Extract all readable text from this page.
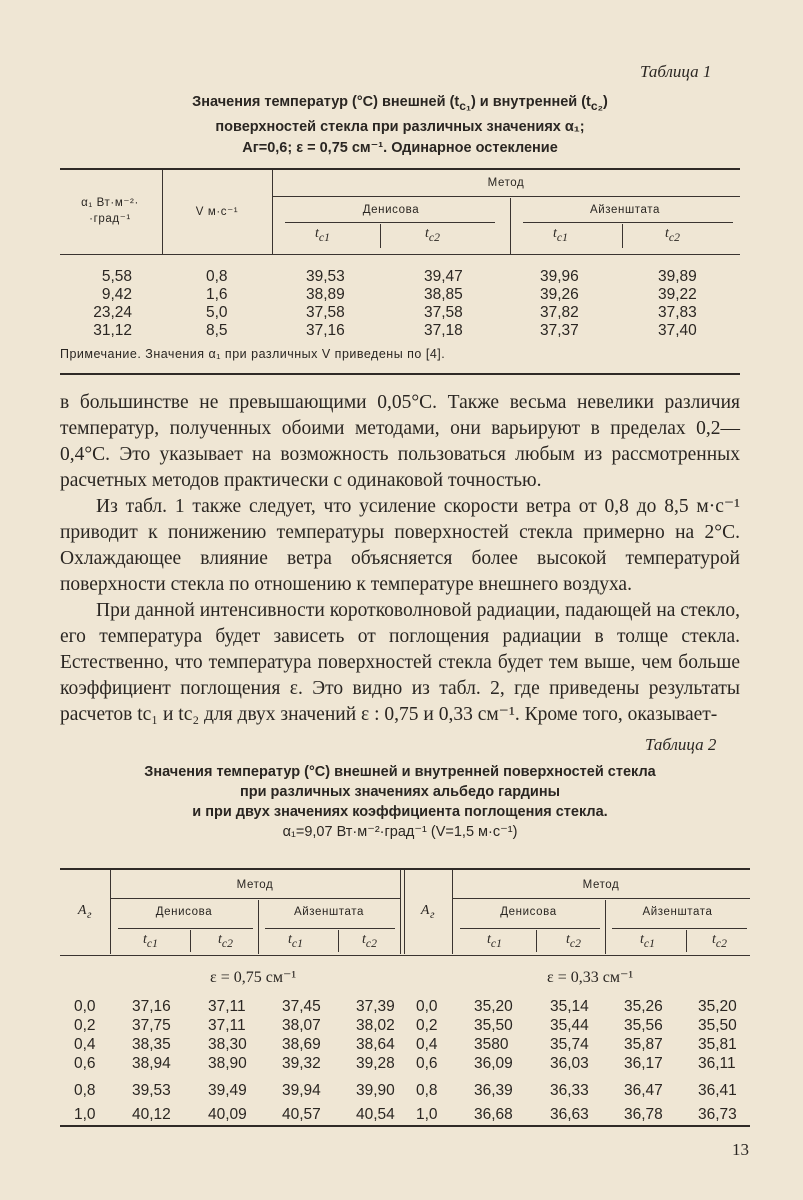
Таблица 1
Значения температур (°С) внешней $(t_{c_1})$ и внутренней $(t_{c_2})$
поверхностей стекла при различных значениях α₁;
Aг=0,6; ε = 0,75 см⁻¹. Одинарное остекление
α₁ Вт·м⁻²·
·град⁻¹
V м·с⁻¹
Метод
Денисова	Айзенштата
$t_{c1}$	$t_{c2}$	$t_{c1}$	$t_{c2}$
5,58	0,8	39,53	39,47	39,96	39,89
9,42	1,6	38,89	38,85	39,26	39,22
23,24	5,0	37,58	37,58	37,82	37,83
31,12	8,5	37,16	37,18	37,37	37,40
Примечание. Значения α₁ при различных V приведены по [4].

в большинстве не превышающими 0,05°С. Также весьма невелики различия температур, полученных обоими методами, они варьируют в пределах 0,2—0,4°С. Это указывает на возможность пользоваться любым из рассмотренных расчетных методов практически с одинаковой точностью.

Из табл. 1 также следует, что усиление скорости ветра от 0,8 до 8,5 м·с⁻¹ приводит к понижению температуры поверхностей стекла примерно на 2°С. Охлаждающее влияние ветра объясняется более высокой температурой поверхности стекла по отношению к температуре внешнего воздуха.

При данной интенсивности коротковолновой радиации, падающей на стекло, его температура будет зависеть от поглощения радиации в толще стекла. Естественно, что температура поверхностей стекла будет тем выше, чем больше коэффициент поглощения ε. Это видно из табл. 2, где приведены результаты расчетов tc₁ и tc₂ для двух значений ε : 0,75 и 0,33 см⁻¹. Кроме того, оказывает-

Таблица 2
Значения температур (°С) внешней и внутренней поверхностей стекла
при различных значениях альбедо гардины
и при двух значениях коэффициента поглощения стекла.
α₁=9,07 Вт·м⁻²·град⁻¹ (V=1,5 м·с⁻¹)
$A_г$	$A_г$
Метод	Метод
Денисова	Айзенштата	Денисова	Айзенштата
$t_{c1}$	$t_{c2}$	$t_{c1}$	$t_{c2}$	$t_{c1}$	$t_{c2}$	$t_{c1}$	$t_{c2}$
ε = 0,75 см⁻¹	ε = 0,33 см⁻¹
0,0 37,16 37,11 37,45 37,39 0,0 35,20 35,14 35,26 35,20
0,2 37,75 37,11 38,07 38,02 0,2 35,50 35,44 35,56 35,50
0,4 38,35 38,30 38,69 38,64 0,4 3580	35,74 35,87 35,81
0,6 38,94 38,90 39,32 39,28 0,6 36,09 36,03 36,17 36,11
0,8 39,53 39,49 39,94 39,90 0,8 36,39 36,33 36,47 36,41
1,0 40,12 40,09 40,57 40,54 1,0 36,68 36,63 36,78 36,73
13
